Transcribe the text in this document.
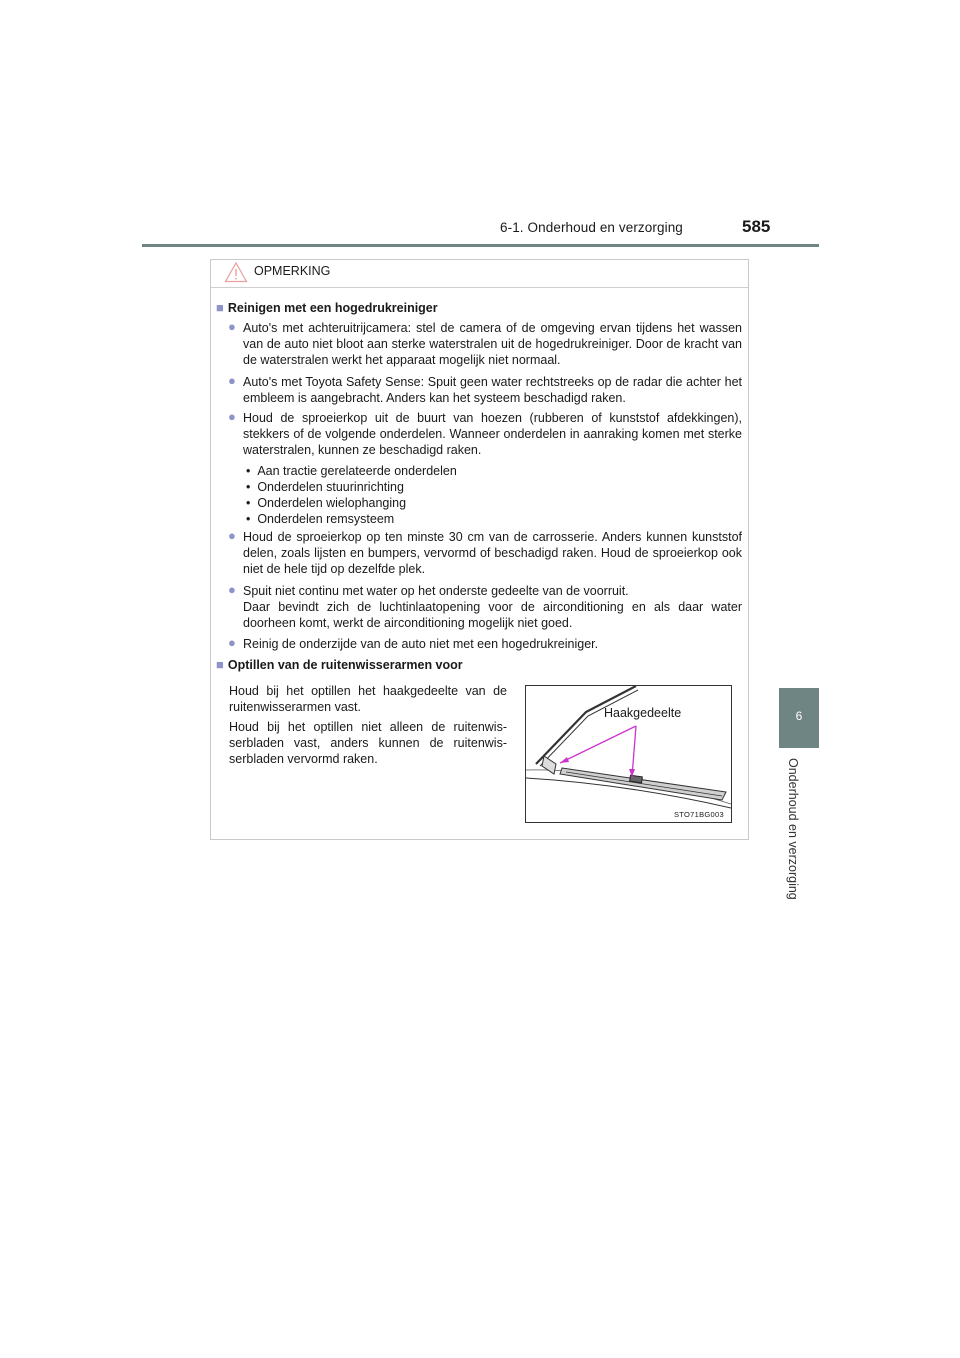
6-1. Onderhoud en verzorging	585
6
Onderhoud en verzorging
OPMERKING
■ Reinigen met een hogedrukreiniger
● Auto's met achteruitrijcamera: stel de camera of de omgeving ervan tijdens het wassen van de auto niet bloot aan sterke waterstralen uit de hogedrukreiniger. Door de kracht van de waterstralen werkt het apparaat mogelijk niet normaal.
● Auto's met Toyota Safety Sense: Spuit geen water rechtstreeks op de radar die achter het embleem is aangebracht. Anders kan het systeem beschadigd raken.
● Houd de sproeierkop uit de buurt van hoezen (rubberen of kunststof afdekkingen), stekkers of de volgende onderdelen. Wanneer onderdelen in aanraking komen met sterke waterstralen, kunnen ze beschadigd raken.
•  Aan tractie gerelateerde onderdelen
•  Onderdelen stuurinrichting
•  Onderdelen wielophanging
•  Onderdelen remsysteem
● Houd de sproeierkop op ten minste 30 cm van de carrosserie. Anders kunnen kunststof delen, zoals lijsten en bumpers, vervormd of beschadigd raken. Houd de sproeierkop ook niet de hele tijd op dezelfde plek.
● Spuit niet continu met water op het onderste gedeelte van de voorruit.
Daar bevindt zich de luchtinlaatopening voor de airconditioning en als daar water doorheen komt, werkt de airconditioning mogelijk niet goed.
● Reinig de onderzijde van de auto niet met een hogedrukreiniger.
■ Optillen van de ruitenwisserarmen voor
Houd bij het optillen het haakgedeelte van de ruitenwisserarmen vast.
Houd bij het optillen niet alleen de ruitenwis-serbladen vast, anders kunnen de ruitenwis-serbladen vervormd raken.
Haakgedeelte
STO71BG003
